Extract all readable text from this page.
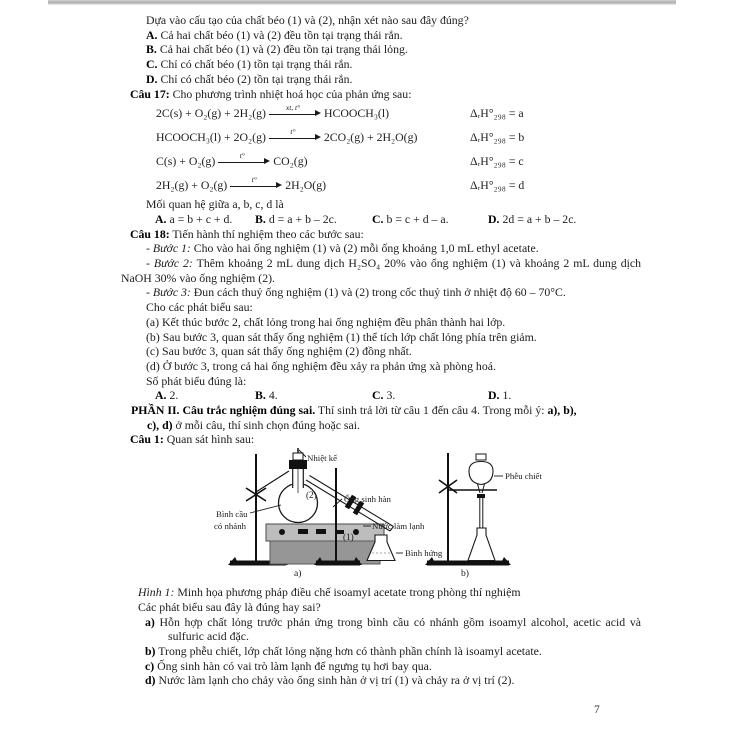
Dựa vào cấu tạo của chất béo (1) và (2), nhận xét nào sau đây đúng?

A. Cả hai chất béo (1) và (2) đều tồn tại trạng thái rắn.

B. Cả hai chất béo (1) và (2) đều tồn tại trạng thái lỏng.

C. Chỉ có chất béo (1) tồn tại trạng thái rắn.

D. Chỉ có chất béo (2) tồn tại trạng thái rắn.

Câu 17: Cho phương trình nhiệt hoá học của phản ứng sau:

2C(s) + O₂(g) + 2H₂(g)	xt, t°	HCOOCH₃(l)	ΔᵣH°₂₉₈ = a
HCOOCH₃(l) + 2O₂(g)	t°	2CO₂(g) + 2H₂O(g)	ΔᵣH°₂₉₈ = b
C(s) + O₂(g)	t°	CO₂(g)	ΔᵣH°₂₉₈ = c
2H₂(g) + O₂(g)	t°	2H₂O(g)	ΔᵣH°₂₉₈ = d

Mối quan hệ giữa a, b, c, d là

A. a = b + c + d. B. d = a + b – 2c.	C. b = c + d – a.	D. 2d = a + b – 2c.

Câu 18: Tiến hành thí nghiệm theo các bước sau:

- Bước 1: Cho vào hai ống nghiệm (1) và (2) mỗi ống khoảng 1,0 mL ethyl acetate.

- Bước 2: Thêm khoảng 2 mL dung dịch H₂SO₄ 20% vào ống nghiệm (1) và khoảng 2 mL dung dịch NaOH 30% vào ống nghiệm (2).

- Bước 3: Đun cách thuỷ ống nghiệm (1) và (2) trong cốc thuỷ tinh ở nhiệt độ 60 – 70°C.

Cho các phát biểu sau:

(a) Kết thúc bước 2, chất lỏng trong hai ống nghiệm đều phân thành hai lớp.

(b) Sau bước 3, quan sát thấy ống nghiệm (1) thể tích lớp chất lỏng phía trên giảm.

(c) Sau bước 3, quan sát thấy ống nghiệm (2) đồng nhất.

(d) Ở bước 3, trong cả hai ống nghiệm đều xảy ra phản ứng xà phòng hoá.

Số phát biểu đúng là:

A. 2.	B. 4.	C. 3.	D. 1.

PHẦN II. Câu trắc nghiệm đúng sai. Thí sinh trả lời từ câu 1 đến câu 4. Trong mỗi ý: a), b),
c), d) ở mỗi câu, thí sinh chọn đúng hoặc sai.

Câu 1: Quan sát hình sau:

Nhiệt kế
(2)	Ống sinh hàn
Nước làm lạnh
(1)
Bình cầu
có nhánh
Bình hứng
a)
Phễu chiết
b)

Hình 1: Minh họa phương pháp điều chế isoamyl acetate trong phòng thí nghiệm

Các phát biểu sau đây là đúng hay sai?

a) Hỗn hợp chất lỏng trước phản ứng trong bình cầu có nhánh gồm isoamyl alcohol, acetic acid và sulfuric acid đặc.

b) Trong phễu chiết, lớp chất lỏng nặng hơn có thành phần chính là isoamyl acetate.

c) Ống sinh hàn có vai trò làm lạnh để ngưng tụ hơi bay qua.

d) Nước làm lạnh cho chảy vào ống sinh hàn ở vị trí (1) và chảy ra ở vị trí (2).

7
